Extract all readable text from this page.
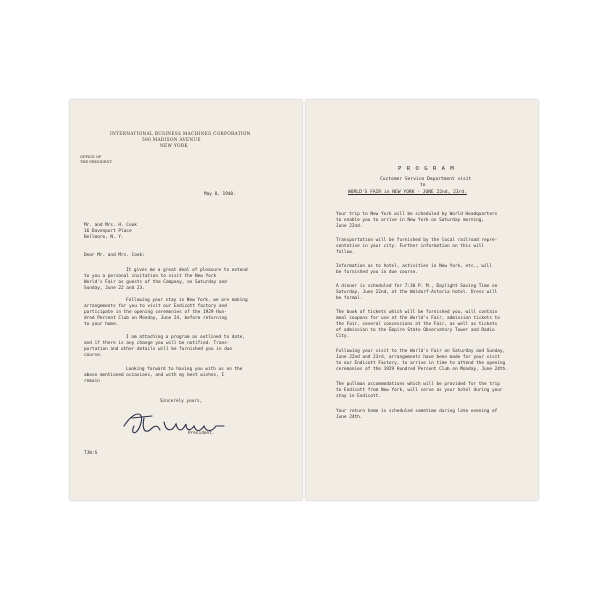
INTERNATIONAL BUSINESS MACHINES CORPORATION
590 MADISON AVENUE
NEW YORK
OFFICE OF
THE PRESIDENT
May 8, 1940.
Mr. and Mrs. H. Cook
16 Davenport Place
Bellmore, N. Y.
Dear Mr. and Mrs. Cook:
It gives me a great deal of pleasure to extend
to you a personal invitation to visit the New York
World's Fair as guests of the Company, on Saturday and
Sunday, June 22 and 23.
Following your stay in New York, we are making
arrangements for you to visit our Endicott factory and
participate in the opening ceremonies of the 1929 Hun-
dred Percent Club on Monday, June 24, before returning
to your home.
I am attaching a program as outlined to date,
and if there is any change you will be notified. Trans-
portation and other details will be furnished you in due
course.
Looking forward to having you with us on the
above mentioned occasions, and with my best wishes, I
remain
Sincerely yours,
President.
TJW:S
P R O G R A M
Customer Service Department visit
to
WORLD'S FAIR in NEW YORK - JUNE 22nd, 23rd.
Your trip to New York will be scheduled by World Headquarters
to enable you to arrive in New York on Saturday morning,
June 22nd.
Transportation will be furnished by the local railroad repre-
sentative in your city. Further information on this will
follow.
Information as to hotel, activities in New York, etc., will
be furnished you in due course.
A dinner is scheduled for 7:30 P. M., Daylight Saving Time on
Saturday, June 22nd, at the Waldorf-Astoria hotel. Dress will
be formal.
The book of tickets which will be furnished you, will contain
meal coupons for use at the World's Fair, admission tickets to
the Fair, several concessions at the Fair, as well as tickets
of admission to the Empire State Observatory Tower and Radio
City.
Following your visit to the World's Fair on Saturday and Sunday,
June 22nd and 23rd, arrangements have been made for your visit
to our Endicott Factory, to arrive in time to attend the opening
ceremonies of the 1929 Hundred Percent Club on Monday, June 24th.
The pullman accommodations which will be provided for the trip
to Endicott from New York, will serve as your hotel during your
stay in Endicott.
Your return home is scheduled sometime during late evening of
June 24th.
